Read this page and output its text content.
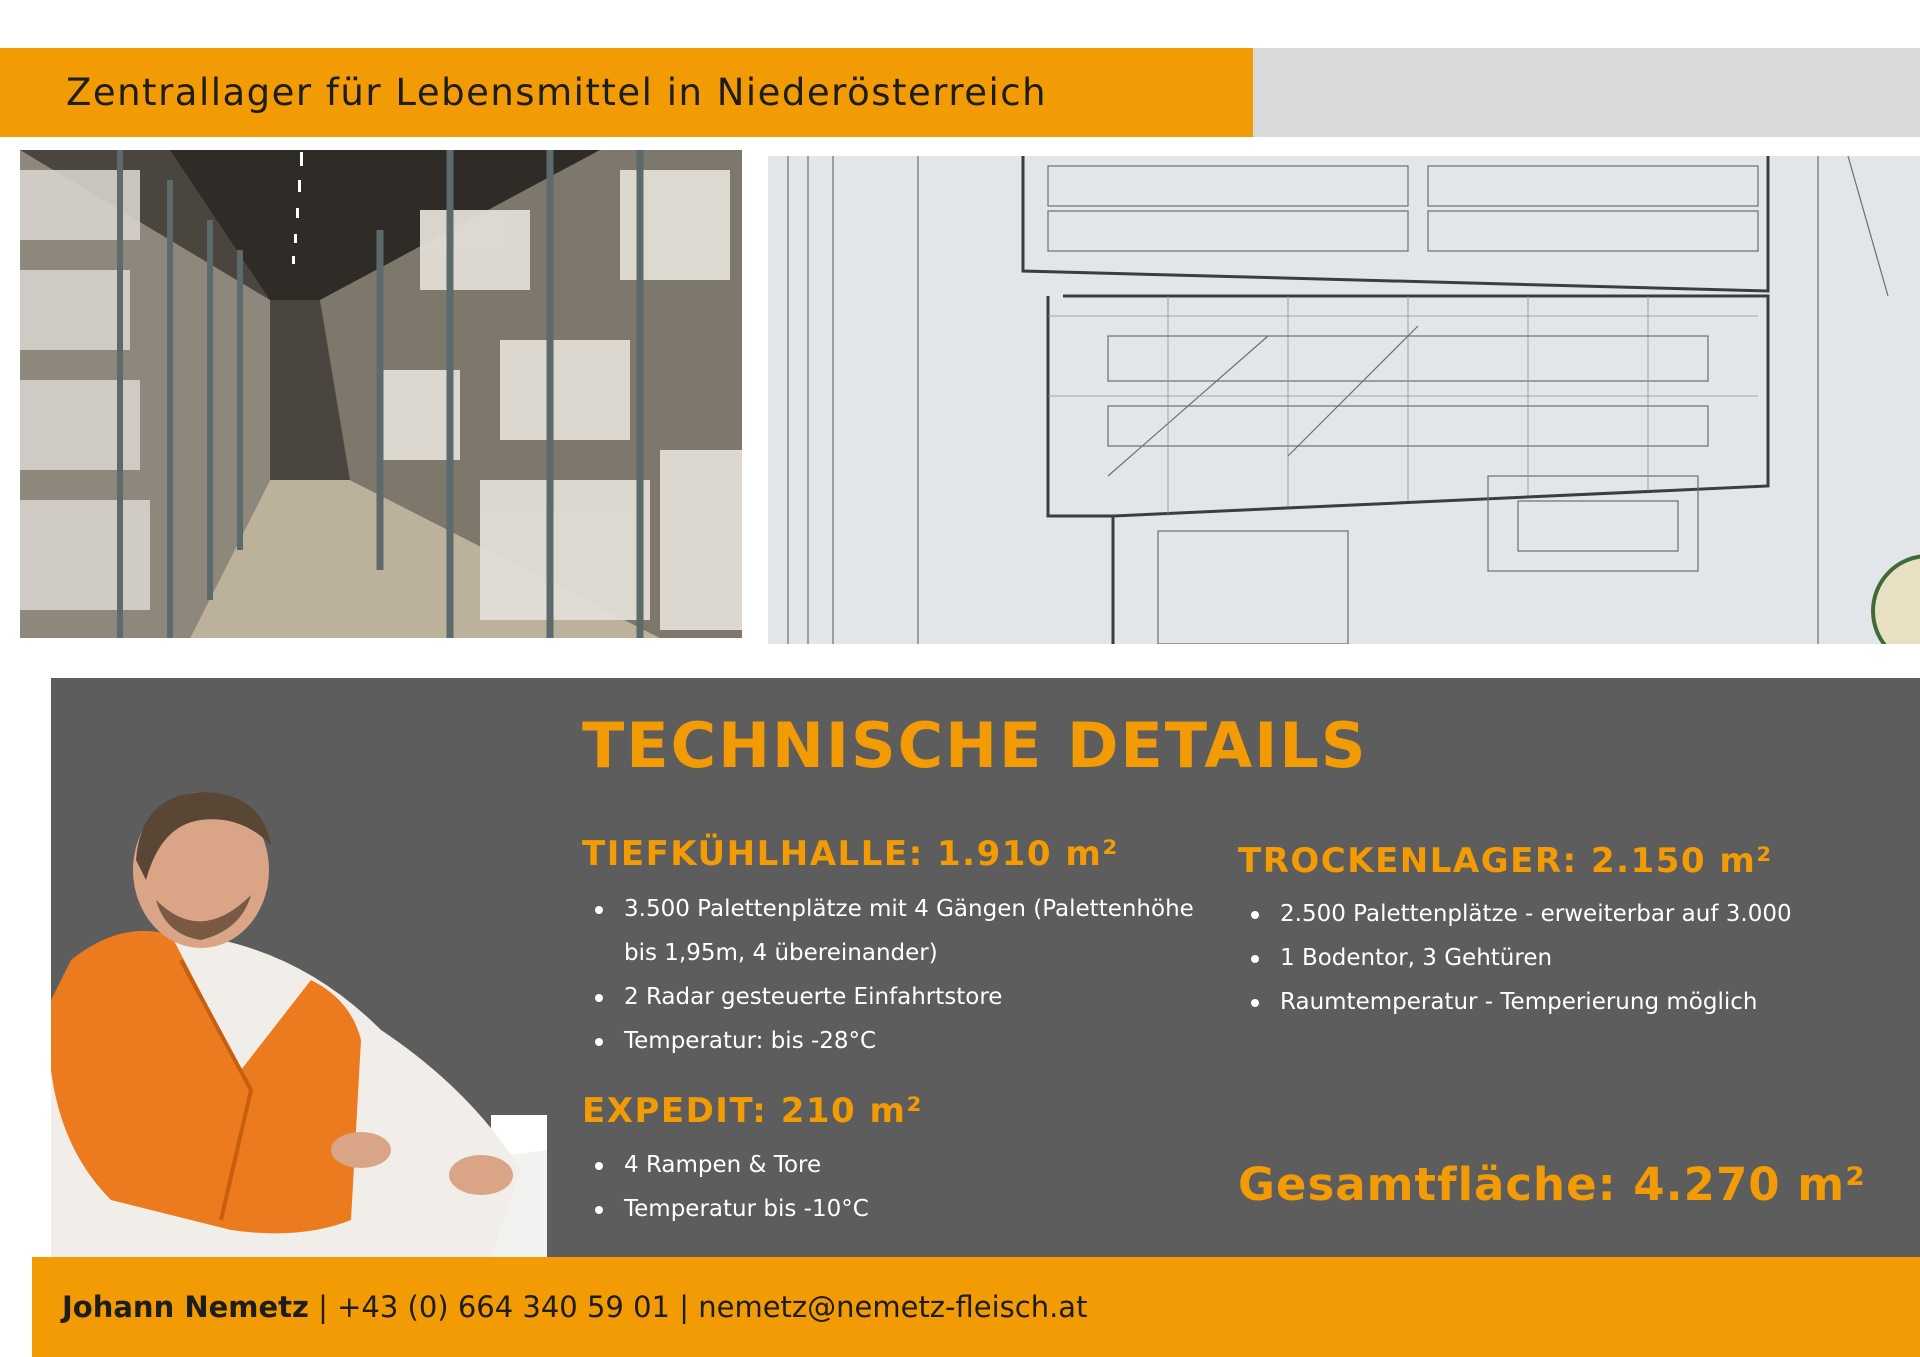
Zentrallager für Lebensmittel in Niederösterreich
TECHNISCHE DETAILS
TIEFKÜHLHALLE: 1.910 m²
3.500 Palettenplätze mit 4 Gängen (Palettenhöhe bis 1,95m, 4 übereinander)
2 Radar gesteuerte Einfahrtstore
Temperatur: bis -28°C
TROCKENLAGER: 2.150 m²
2.500 Palettenplätze - erweiterbar auf 3.000
1 Bodentor, 3 Gehtüren
Raumtemperatur - Temperierung möglich
EXPEDIT: 210 m²
4 Rampen & Tore
Temperatur bis -10°C	Gesamtfläche: 4.270 m²
Johann Nemetz | +43 (0) 664 340 59 01 | nemetz@nemetz-fleisch.at
